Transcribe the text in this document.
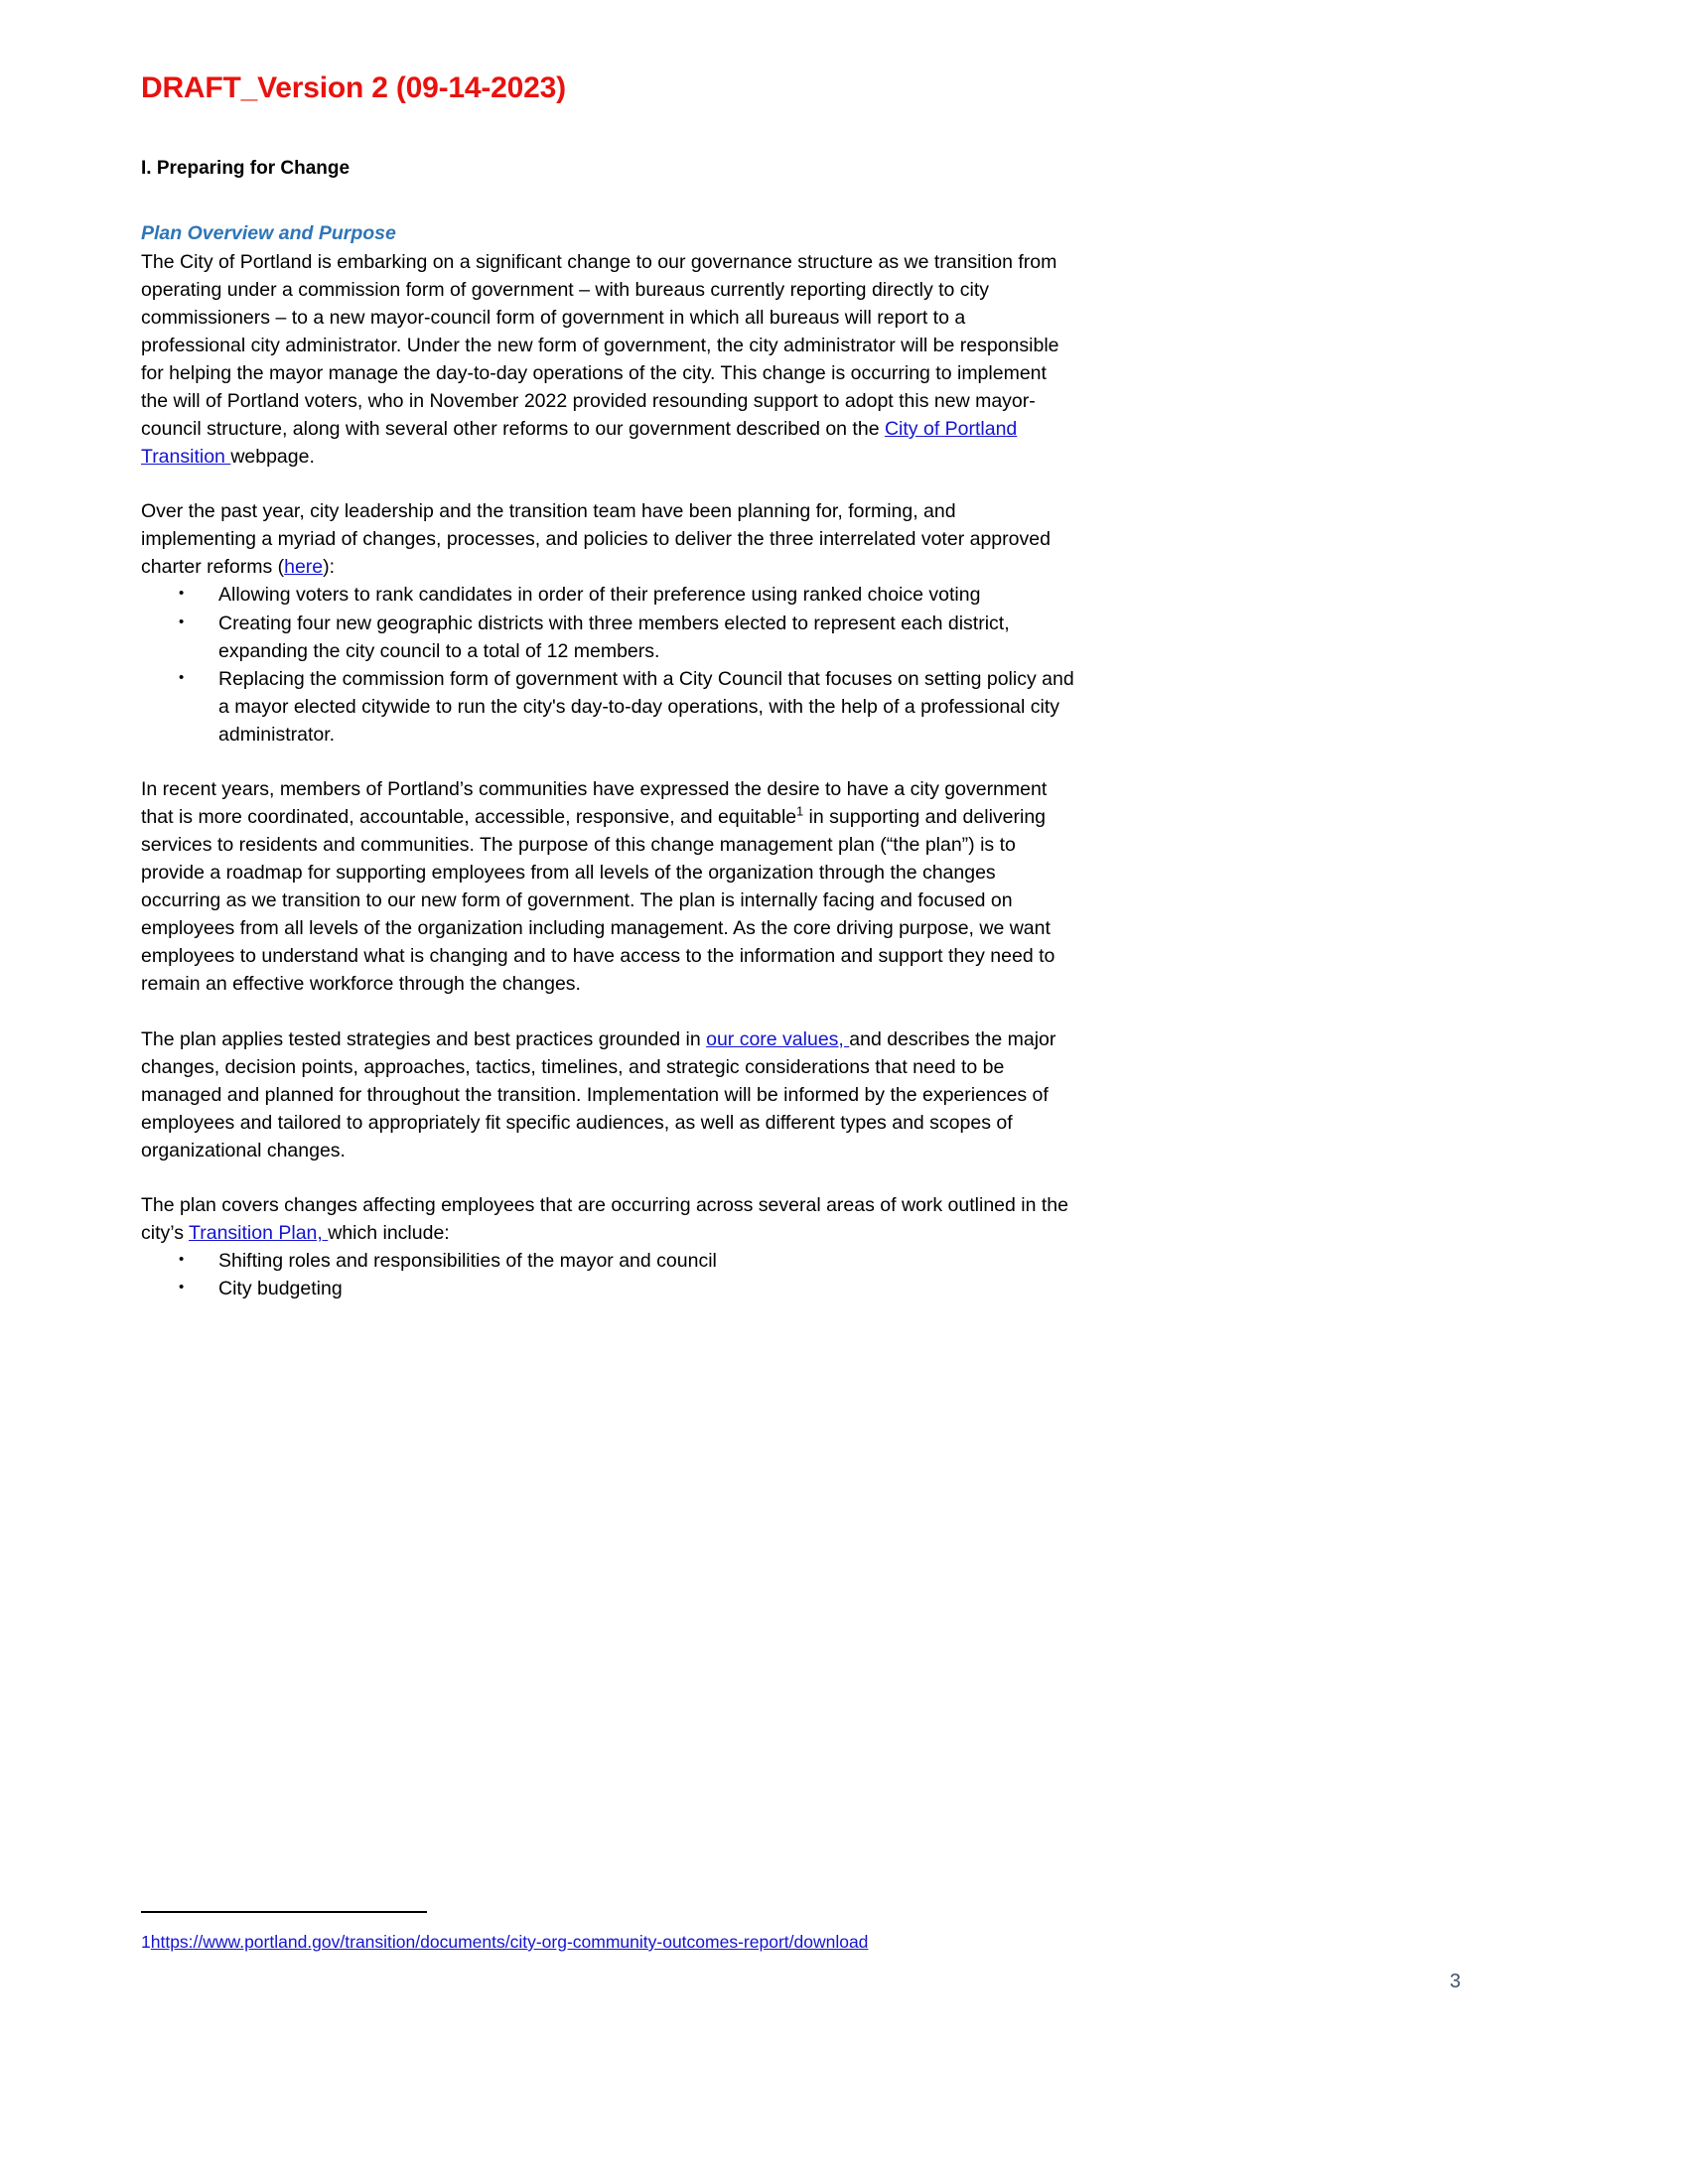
DRAFT_Version 2 (09-14-2023)
I. Preparing for Change
Plan Overview and Purpose

The City of Portland is embarking on a significant change to our governance structure as we transition from operating under a commission form of government – with bureaus currently reporting directly to city commissioners – to a new mayor-council form of government in which all bureaus will report to a professional city administrator. Under the new form of government, the city administrator will be responsible for helping the mayor manage the day-to-day operations of the city. This change is occurring to implement the will of Portland voters, who in November 2022 provided resounding support to adopt this new mayor-council structure, along with several other reforms to our government described on the City of Portland Transition webpage.

Over the past year, city leadership and the transition team have been planning for, forming, and implementing a myriad of changes, processes, and policies to deliver the three interrelated voter approved charter reforms (here):

• Allowing voters to rank candidates in order of their preference using ranked choice voting
• Creating four new geographic districts with three members elected to represent each district, expanding the city council to a total of 12 members.
• Replacing the commission form of government with a City Council that focuses on setting policy and a mayor elected citywide to run the city's day-to-day operations, with the help of a professional city administrator.

In recent years, members of Portland’s communities have expressed the desire to have a city government that is more coordinated, accountable, accessible, responsive, and equitable$^1$ in supporting and delivering services to residents and communities. The purpose of this change management plan (“the plan”) is to provide a roadmap for supporting employees from all levels of the organization through the changes occurring as we transition to our new form of government. The plan is internally facing and focused on employees from all levels of the organization including management. As the core driving purpose, we want employees to understand what is changing and to have access to the information and support they need to remain an effective workforce through the changes.

The plan applies tested strategies and best practices grounded in our core values, and describes the major changes, decision points, approaches, tactics, timelines, and strategic considerations that need to be managed and planned for throughout the transition. Implementation will be informed by the experiences of employees and tailored to appropriately fit specific audiences, as well as different types and scopes of organizational changes.

The plan covers changes affecting employees that are occurring across several areas of work outlined in the city’s Transition Plan, which include:

• Shifting roles and responsibilities of the mayor and council
• City budgeting
1https://www.portland.gov/transition/documents/city-org-community-outcomes-report/download
3
